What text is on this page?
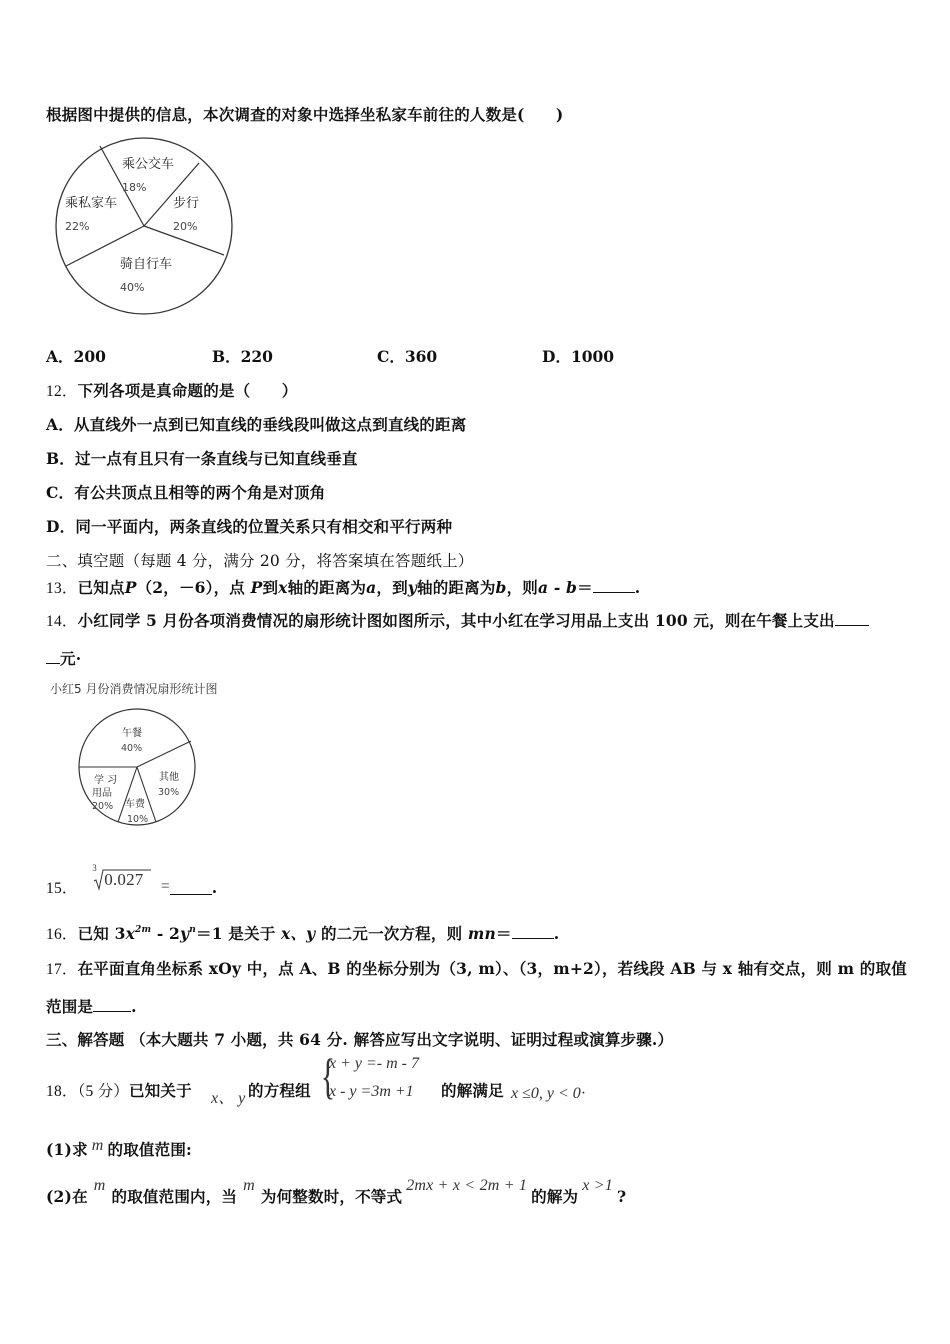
根据图中提供的信息，本次调查的对象中选择坐私家车前往的人数是(　　)
乘公交车
18%
步行
20%
骑自行车
40%
乘私家车
22%
A．200	B．220	C．360	D．1000
12．下列各项是真命题的是（　　）
A．从直线外一点到已知直线的垂线段叫做这点到直线的距离
B．过一点有且只有一条直线与已知直线垂直
C．有公共顶点且相等的两个角是对顶角
D．同一平面内，两条直线的位置关系只有相交和平行两种
二、填空题（每题 4 分，满分 20 分，将答案填在答题纸上）
13．已知点P（2，－6），点 P到x轴的距离为a，到y轴的距离为b，则a - b＝	.
14．小红同学 5 月份各项消费情况的扇形统计图如图所示，其中小红在学习用品上支出 100 元，则在午餐上支出
元·
小红5 月份消费情况扇形统计图
午餐
40%
其他
30%
车费
10%
学 习
用品
20%
15．
3
0.027 =	.
16．已知 $3x^{2m} - 2y^n=1$ 是关于 x、y 的二元一次方程，则 mn＝	.
17．在平面直角坐标系 xOy 中，点 A、B 的坐标分别为（3, m）、（3，m+2），若线段 AB 与 x 轴有交点，则 m 的取值
范围是 .
三、解答题 （本大题共 7 小题，共 64 分. 解答应写出文字说明、证明过程或演算步骤.）
18．（5 分）已知关于 x、 y 的方程组 {
x + y =- m - 7
x - y =3m +1 的解满足 x ≤0, y < 0·
(1)求 m 的取值范围:
(2)在m的取值范围内，当m为何整数时，不等式2mx + x < 2m + 1的解为x >1?
